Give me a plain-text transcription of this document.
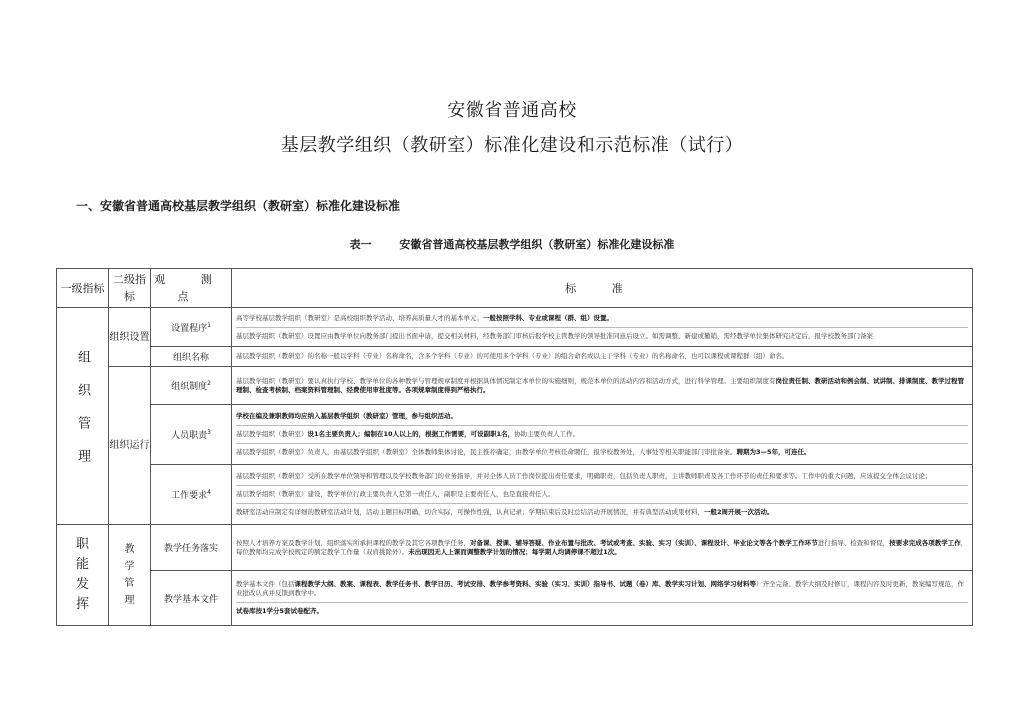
安徽省普通高校
基层教学组织（教研室）标准化建设和示范标准（试行）
一、安徽省普通高校基层教学组织（教研室）标准化建设标准
表一	安徽省普通高校基层教学组织（教研室）标准化建设标准
一级指标	二级指标	观 测 点	标 准
组织管理	组织设置	设置程序$^1$	高等学校基层教学组织（教研室）是高校组织教学活动、培养高质量人才的基本单元；一般按照学科、专业或课程（群、组）设置。
基层教学组织（教研室）设置应由教学单位向教务部门提出书面申请，提交相关材料，经教务部门审核后报学校主管教学的领导批准同意后设立。如需调整、新建或撤销，需经教学单位集体研究决定后，报学校教务部门备案

		组织名称	基层教学组织（教研室）的名称一般以学科（专业）名称命名，含多个学科（专业）的可使用多个学科（专业）的组合命名或以主干学科（专业）的名称命名，也可以课程或课程群（组）命名。
	组织运行	组织制度$^2$	基层教学组织（教研室）要认真执行学校、教学单位的各种教学与管理规章制度并根据具体情况制定本单位的实施细则，规范本单位的活动内容和活动方式，进行科学管理。主要组织制度有岗位责任制、教研活动和例会制、试讲制、排课制度、教学过程管理制、检查考核制、档案资料管理制、经费使用审批度等。各项规章制度得到严格执行。
		人员职责$^3$	学校在编及兼职教师均应纳入基层教学组织（教研室）管理，参与组织活动。
基层教学组织（教研室）设1名主要负责人；编制在10人以上的，根据工作需要，可设副职1名，协助主要负责人工作。
基层教学组织（教研室）负责人，由基层教学组织（教研室）全体教师集体讨论，民主推荐确定，由教学单位考核任命聘任，报学校教务处，人事处等相关职能部门审批备案。聘期为3—5年，可连任。

		工作要求$^4$	基层教学组织（教研室）受所在教学单位领导和管理以及学校教务部门的业务指导，并对全体人员工作岗位提出责任要求，明确职责，包括负责人职责，主讲教师职责及各工作环节的责任和要求等。工作中的重大问题，应该提交全体会议讨论；
基层教学组织（教研室）建设，教学单位行政主要负责人是第一责任人，副职是主要责任人，也是直接责任人。
教研室活动应制定有详细的教研室活动计划，活动主题目标明确，切合实际，可操作性强，认真记录；学期结束后及时总结活动开展情况，并有典型活动成果材料，一般2周开展一次活动。

职能发挥	教学管理	教学任务落实	按照人才培养方案及教学计划，组织落实所承担课程的教学及其它各项教学任务，对备课、授课、辅导答疑、作业布置与批改、考试或考查、实验、实习（实训）、课程设计、毕业论文等各个教学工作环节进行指导、检查和督促，按要求完成各项教学工作，每位教师均完成学校规定的额定教学工作量（双肩挑除外）。未出现因无人上课而调整教学计划的情况；每学期人均调停课不超过1次。
		教学基本文件	教学基本文件（包括课程教学大纲、教案、课程表、教学任务书、教学日历、考试安排、教学参考资料、实验（实习、实训）指导书、试题（卷）库、教学实习计划、网络学习材料等）齐全完备、教学大纲及时修订，课程内容及时更新，教案编写规范，作业批改认真并反馈到教学中。
试卷库按1学分5套试卷配齐。
